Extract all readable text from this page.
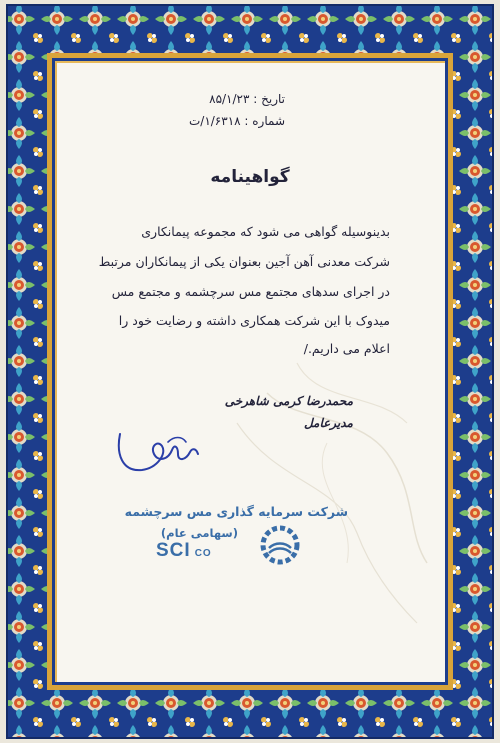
تاریخ : ۸۵/۱/۲۳
شماره : ۱/۶۳۱۸/ت
گواهینامه
بدینوسیله گواهی می شود که مجموعه پیمانکاری
شرکت معدنی آهن آجین بعنوان یکی از پیمانکاران مرتبط
در اجرای سدهای مجتمع مس سرچشمه و مجتمع مس
میدوک با این شرکت همکاری داشته و رضایت خود را
اعلام می داریم./
محمدرضا کرمی شاهرخی
مدیرعامل
شرکت سرمایه گذاری مس سرچشمه
(سهامی عام)
SCI CO
